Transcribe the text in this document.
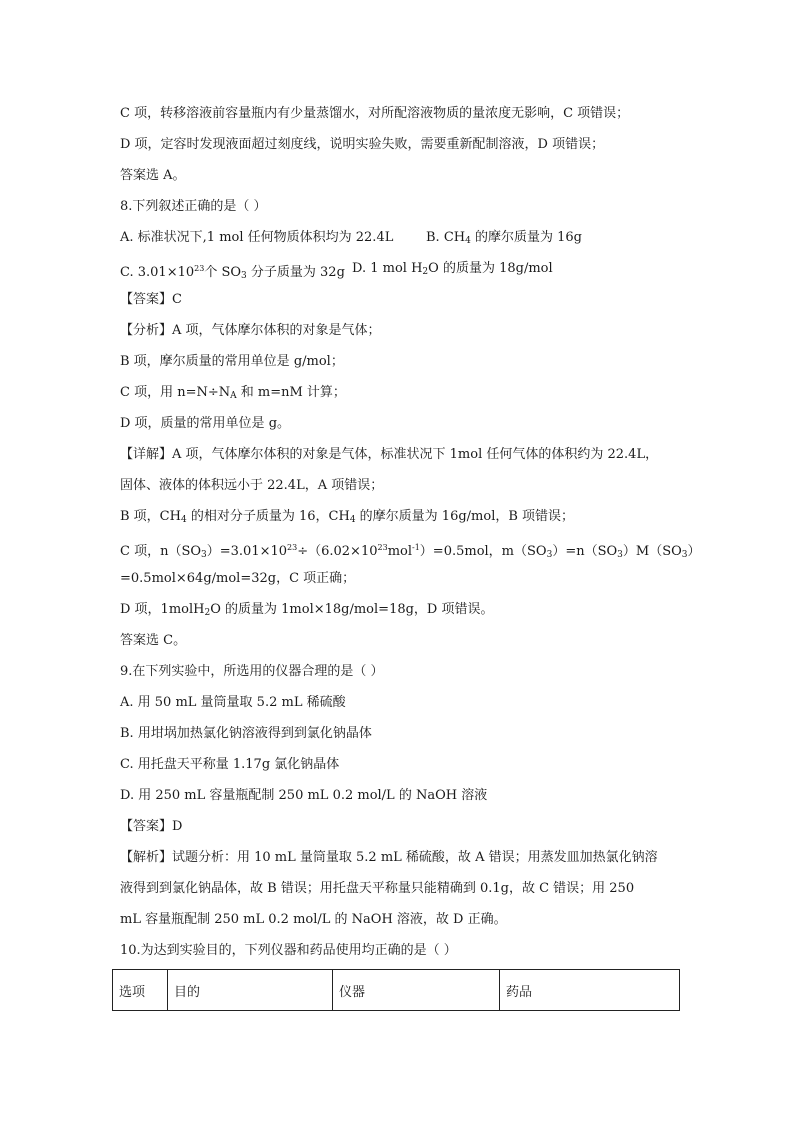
C 项，转移溶液前容量瓶内有少量蒸馏水，对所配溶液物质的量浓度无影响，C 项错误；
D 项，定容时发现液面超过刻度线，说明实验失败，需要重新配制溶液，D 项错误；
答案选 A。
8.下列叙述正确的是（ ）
A. 标准状况下,1 mol 任何物质体积均为 22.4L	B. $CH_4$ 的摩尔质量为 16g
C. $3.01\times 10^{23}$个 $SO_3$ 分子质量为 32g D. 1 mol $H_2O$ 的质量为 18g/mol
【答案】C
【分析】A 项，气体摩尔体积的对象是气体；
B 项，摩尔质量的常用单位是 g/mol；
C 项，用 $n=N\div N_A$ 和 m=nM 计算；
D 项，质量的常用单位是 g。
【详解】A 项，气体摩尔体积的对象是气体，标准状况下 1mol 任何气体的体积约为 22.4L，
固体、液体的体积远小于 22.4L，A 项错误；
B 项，$CH_4$ 的相对分子质量为 16，$CH_4$ 的摩尔质量为 16g/mol，B 项错误；
C 项，$n(SO_3)=3.01\times 10^{23}\div(6.02\times 10^{23}mol^{-1})=0.5mol$，$m(SO_3)=n(SO_3)M(SO_3)$
=0.5mol×64g/mol=32g，C 项正确；
D 项，1molH$_2$O 的质量为 1mol×18g/mol=18g，D 项错误。
答案选 C。
9.在下列实验中，所选用的仪器合理的是（ ）
A. 用 50 mL 量筒量取 5.2 mL 稀硫酸
B. 用坩埚加热氯化钠溶液得到到氯化钠晶体
C. 用托盘天平称量 1.17g 氯化钠晶体
D. 用 250 mL 容量瓶配制 250 mL 0.2 mol/L 的 NaOH 溶液
【答案】D
【解析】试题分析：用 10 mL 量筒量取 5.2 mL 稀硫酸，故 A 错误；用蒸发皿加热氯化钠溶
液得到到氯化钠晶体，故 B 错误；用托盘天平称量只能精确到 0.1g，故 C 错误；用 250
mL 容量瓶配制 250 mL 0.2 mol/L 的 NaOH 溶液，故 D 正确。
10.为达到实验目的，下列仪器和药品使用均正确的是（ ）
选项	目的	仪器	药品
